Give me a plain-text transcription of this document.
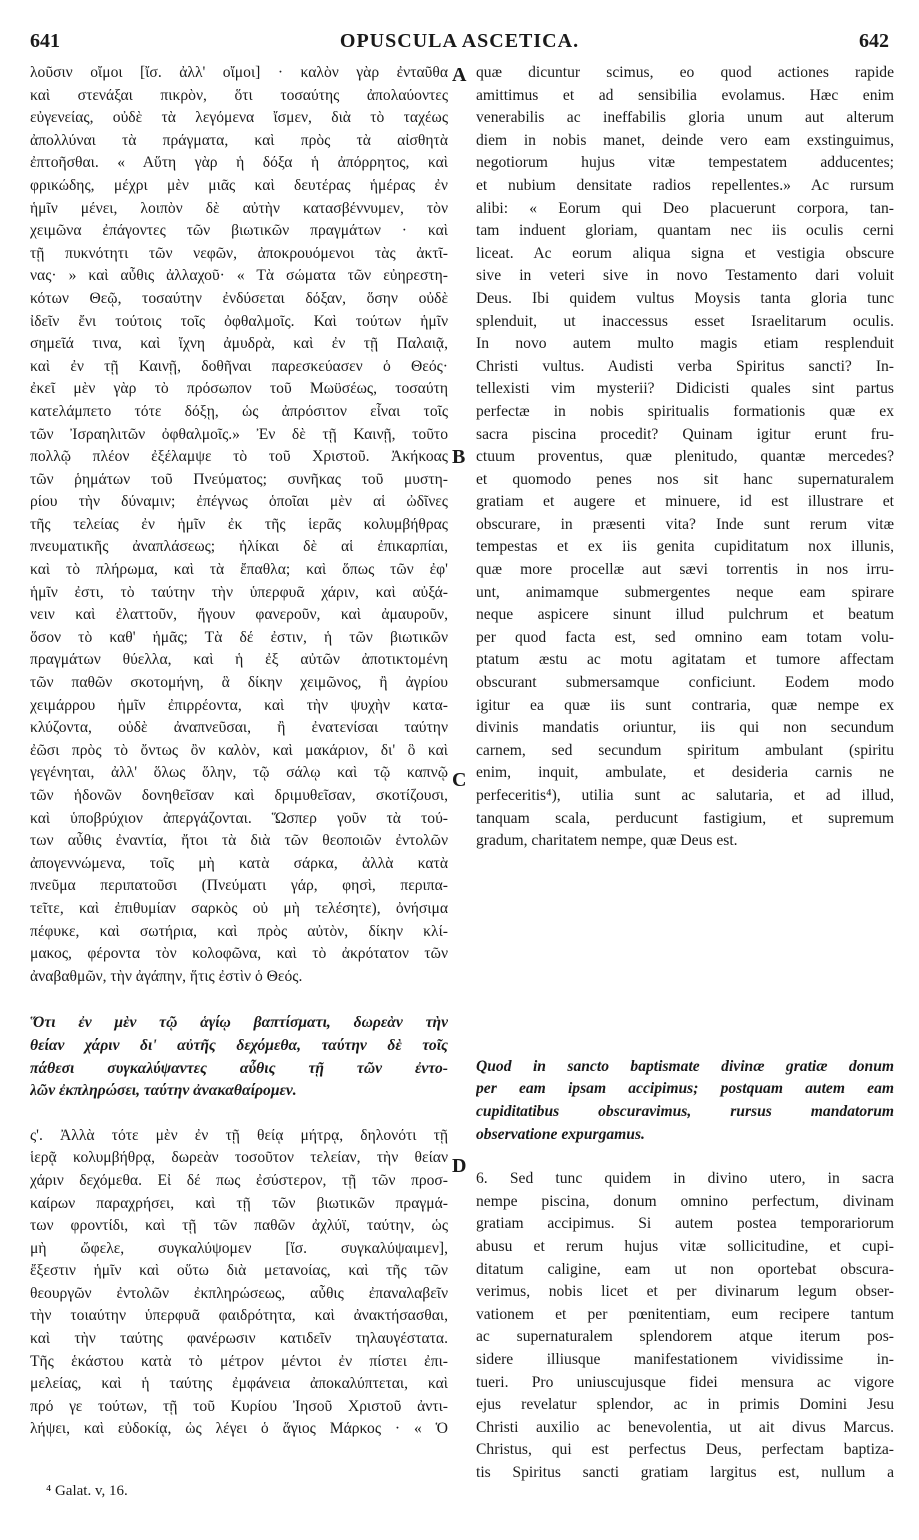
641	OPUSCULA ASCETICA.	642
λοῦσιν οἴμοι [ἴσ. ἀλλ' οἴμοι] · καλὸν γὰρ ἐνταῦθα
καὶ στενάξαι πικρὸν, ὅτι τοσαύτης ἀπολαύοντες
εὐγενείας, οὐδὲ τὰ λεγόμενα ἴσμεν, διὰ τὸ ταχέως
ἀπολλύναι τὰ πράγματα, καὶ πρὸς τὰ αἰσθητὰ
ἐπτοῆσθαι. « Αὕτη γὰρ ἡ δόξα ἡ ἀπόρρητος, καὶ
φρικώδης, μέχρι μὲν μιᾶς καὶ δευτέρας ἡμέρας ἐν
ἡμῖν μένει, λοιπὸν δὲ αὐτὴν κατασβέννυμεν, τὸν
χειμῶνα ἐπάγοντες τῶν βιωτικῶν πραγμάτων · καὶ
τῇ πυκνότητι τῶν νεφῶν, ἀποκρουόμενοι τὰς ἀκτῖ-
νας· » καὶ αὖθις ἀλλαχοῦ· « Τὰ σώματα τῶν εὐηρεστη-
κότων Θεῷ, τοσαύτην ἐνδύσεται δόξαν, ὅσην οὐδὲ
ἰδεῖν ἔνι τούτοις τοῖς ὀφθαλμοῖς. Καὶ τούτων ἡμῖν
σημεῖά τινα, καὶ ἴχνη ἀμυδρὰ, καὶ ἐν τῇ Παλαιᾷ,
καὶ ἐν τῇ Καινῇ, δοθῆναι παρεσκεύασεν ὁ Θεός·
ἐκεῖ μὲν γὰρ τὸ πρόσωπον τοῦ Μωϋσέως, τοσαύτη
κατελάμπετο τότε δόξῃ, ὡς ἀπρόσιτον εἶναι τοῖς
τῶν Ἰσραηλιτῶν ὀφθαλμοῖς.» Ἐν δὲ τῇ Καινῇ, τοῦτο
πολλῷ πλέον ἐξέλαμψε τὸ τοῦ Χριστοῦ. Ἀκήκοας
τῶν ῥημάτων τοῦ Πνεύματος; συνῆκας τοῦ μυστη-
ρίου τὴν δύναμιν; ἐπέγνως ὁποῖαι μὲν αἱ ὠδῖνες
τῆς τελείας ἐν ἡμῖν ἐκ τῆς ἱερᾶς κολυμβήθρας
πνευματικῆς ἀναπλάσεως; ἡλίκαι δὲ αἱ ἐπικαρπίαι,
καὶ τὸ πλήρωμα, καὶ τὰ ἔπαθλα; καὶ ὅπως τῶν ἐφ'
ἡμῖν ἐστι, τὸ ταύτην τὴν ὑπερφυᾶ χάριν, καὶ αὐξά-
νειν καὶ ἐλαττοῦν, ἤγουν φανεροῦν, καὶ ἀμαυροῦν,
ὅσον τὸ καθ' ἡμᾶς; Τὰ δέ ἐστιν, ἡ τῶν βιωτικῶν
πραγμάτων θύελλα, καὶ ἡ ἐξ αὐτῶν ἀποτικτομένη
τῶν παθῶν σκοτομήνη, ἃ δίκην χειμῶνος, ἢ ἀγρίου
χειμάρρου ἡμῖν ἐπιρρέοντα, καὶ τὴν ψυχὴν κατα-
κλύζοντα, οὐδὲ ἀναπνεῦσαι, ἢ ἐνατενίσαι ταύτην
ἐῶσι πρὸς τὸ ὄντως ὂν καλὸν, καὶ μακάριον, δι' ὃ καὶ
γεγένηται, ἀλλ' ὅλως ὅλην, τῷ σάλῳ καὶ τῷ καπνῷ
τῶν ἡδονῶν δονηθεῖσαν καὶ δριμυθεῖσαν, σκοτίζουσι,
καὶ ὑποβρύχιον ἀπεργάζονται. Ὥσπερ γοῦν τὰ τού-
των αὖθις ἐναντία, ἤτοι τὰ διὰ τῶν θεοποιῶν ἐντολῶν
ἀπογεννώμενα, τοῖς μὴ κατὰ σάρκα, ἀλλὰ κατὰ
πνεῦμα περιπατοῦσι (Πνεύματι γάρ, φησὶ, περιπα-
τεῖτε, καὶ ἐπιθυμίαν σαρκὸς οὐ μὴ τελέσητε), ὀνήσιμα
πέφυκε, καὶ σωτήρια, καὶ πρὸς αὐτὸν, δίκην κλί-
μακος, φέροντα τὸν κολοφῶνα, καὶ τὸ ἀκρότατον τῶν
ἀναβαθμῶν, τὴν ἀγάπην, ἥτις ἐστὶν ὁ Θεός.
Ὅτι ἐν μὲν τῷ ἁγίῳ βαπτίσματι, δωρεὰν τὴν
θείαν χάριν δι' αὐτῆς δεχόμεθα, ταύτην δὲ τοῖς
πάθεσι συγκαλύψαντες αὖθις τῇ τῶν ἐντο-
λῶν ἐκπληρώσει, ταύτην ἀνακαθαίρομεν.
ς'. Ἀλλὰ τότε μὲν ἐν τῇ θείᾳ μήτρᾳ, δηλονότι τῇ
ἱερᾷ κολυμβήθρᾳ, δωρεὰν τοσοῦτον τελείαν, τὴν θείαν
χάριν δεχόμεθα. Εἰ δέ πως ἐσύστερον, τῇ τῶν προσ-
καίρων παραχρήσει, καὶ τῇ τῶν βιωτικῶν πραγμά-
των φροντίδι, καὶ τῇ τῶν παθῶν ἀχλύϊ, ταύτην, ὡς
μὴ ὤφελε, συγκαλύψομεν [ἴσ. συγκαλύψαιμεν],
ἔξεστιν ἡμῖν καὶ οὕτω διὰ μετανοίας, καὶ τῆς τῶν
θεουργῶν ἐντολῶν ἐκπληρώσεως, αὖθις ἐπαναλαβεῖν
τὴν τοιαύτην ὑπερφυᾶ φαιδρότητα, καὶ ἀνακτήσασθαι,
καὶ τὴν ταύτης φανέρωσιν κατιδεῖν τηλαυγέστατα.
Τῆς ἑκάστου κατὰ τὸ μέτρον μέντοι ἐν πίστει ἐπι-
μελείας, καὶ ἡ ταύτης ἐμφάνεια ἀποκαλύπτεται, καὶ
πρό γε τούτων, τῇ τοῦ Κυρίου Ἰησοῦ Χριστοῦ ἀντι-
λήψει, καὶ εὐδοκίᾳ, ὡς λέγει ὁ ἅγιος Μάρκος · « Ὁ
quæ dicuntur scimus, eo quod actiones rapide
amittimus et ad sensibilia evolamus. Hæc enim
venerabilis ac ineffabilis gloria unum aut alterum
diem in nobis manet, deinde vero eam exstinguimus,
negotiorum hujus vitæ tempestatem adducentes;
et nubium densitate radios repellentes.» Ac rursum
alibi: « Eorum qui Deo placuerunt corpora, tan-
tam induent gloriam, quantam nec iis oculis cerni
liceat. Ac eorum aliqua signa et vestigia obscure
sive in veteri sive in novo Testamento dari voluit
Deus. Ibi quidem vultus Moysis tanta gloria tunc
splenduit, ut inaccessus esset Israelitarum oculis.
In novo autem multo magis etiam resplenduit
Christi vultus. Audisti verba Spiritus sancti? In-
tellexisti vim mysterii? Didicisti quales sint partus
perfectæ in nobis spiritualis formationis quæ ex
sacra piscina procedit? Quinam igitur erunt fru-
ctuum proventus, quæ plenitudo, quantæ mercedes?
et quomodo penes nos sit hanc supernaturalem
gratiam et augere et minuere, id est illustrare et
obscurare, in præsenti vita? Inde sunt rerum vitæ
tempestas et ex iis genita cupiditatum nox illunis,
quæ more procellæ aut sævi torrentis in nos irru-
unt, animamque submergentes neque eam spirare
neque aspicere sinunt illud pulchrum et beatum
per quod facta est, sed omnino eam totam volu-
ptatum æstu ac motu agitatam et tumore affectam
obscurant submersamque conficiunt. Eodem modo
igitur ea quæ iis sunt contraria, quæ nempe ex
divinis mandatis oriuntur, iis qui non secundum
carnem, sed secundum spiritum ambulant (spiritu
enim, inquit, ambulate, et desideria carnis ne
perfeceritis⁴), utilia sunt ac salutaria, et ad illud,
tanquam scala, perducunt fastigium, et supremum
gradum, charitatem nempe, quæ Deus est.
Quod in sancto baptismate divinæ gratiæ donum
per eam ipsam accipimus; postquam autem eam
cupiditatibus obscuravimus, rursus mandatorum
observatione expurgamus.
6. Sed tunc quidem in divino utero, in sacra
nempe piscina, donum omnino perfectum, divinam
gratiam accipimus. Si autem postea temporariorum
abusu et rerum hujus vitæ sollicitudine, et cupi-
ditatum caligine, eam ut non oportebat obscura-
verimus, nobis licet et per divinarum legum obser-
vationem et per pœnitentiam, eum recipere tantum
ac supernaturalem splendorem atque iterum pos-
sidere illiusque manifestationem vividissime in-
tueri. Pro uniuscujusque fidei mensura ac vigore
ejus revelatur splendor, ac in primis Domini Jesu
Christi auxilio ac benevolentia, ut ait divus Marcus.
Christus, qui est perfectus Deus, perfectam baptiza-
tis Spiritus sancti gratiam largitus est, nullum a
A
B
C
D
⁴ Galat. v, 16.
